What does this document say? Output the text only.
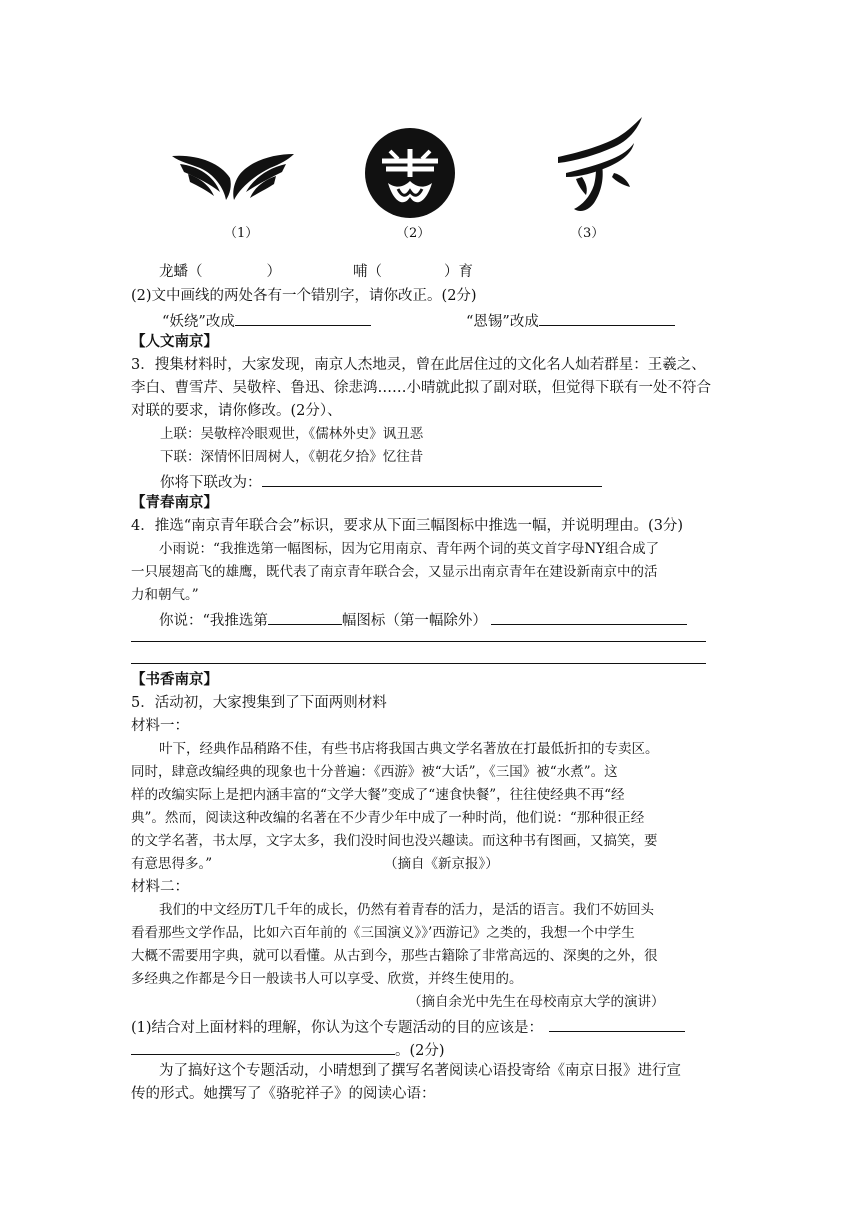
（1）	（2）	（3）
龙蟠（	）	哺（	）育
(2)文中画线的两处各有一个错别字，请你改正。(2分)
“妖绕”改成	“恩锡”改成
【人文南京】
3．搜集材料时，大家发现，南京人杰地灵，曾在此居住过的文化名人灿若群星：王羲之、
李白、曹雪芹、吴敬梓、鲁迅、徐悲鸿……小晴就此拟了副对联，但觉得下联有一处不符合
对联的要求，请你修改。(2分）、
上联：吴敬梓冷眼观世，《儒林外史》讽丑恶
下联：深情怀旧周树人，《朝花夕拾》忆往昔
你将下联改为：
【青春南京】
4．推选“南京青年联合会”标识，要求从下面三幅图标中推选一幅，并说明理由。(3分)
小雨说：“我推选第一幅图标，因为它用南京、青年两个词的英文首字母NY组合成了
一只展翅高飞的雄鹰，既代表了南京青年联合会，又显示出南京青年在建设新南京中的活
力和朝气。”
你说：“我推选第	幅图标（第一幅除外）
【书香南京】
5．活动初，大家搜集到了下面两则材料
材料一：
叶下，经典作品稍路不佳，有些书店将我国古典文学名著放在打最低折扣的专卖区。
同时，肆意改编经典的现象也十分普遍：《西游》被“大话”，《三国》被“水煮”。这
样的改编实际上是把内涵丰富的“文学大餐”变成了“速食快餐”，往往使经典不再“经
典”。然而，阅读这种改编的名著在不少青少年中成了一种时尚，他们说：“那种很正经
的文学名著，书太厚，文字太多，我们没时间也没兴趣读。而这种书有图画，又搞笑，要
有意思得多。”	（摘自《新京报》）
材料二：
我们的中文经历T几千年的成长，仍然有着青春的活力，是活的语言。我们不妨回头
看看那些文学作品，比如六百年前的《三国演义》》’西游记》之类的，我想一个中学生
大概不需要用字典，就可以看懂。从古到今，那些古籍除了非常高远的、深奥的之外，很
多经典之作都是今日一般读书人可以享受、欣赏，并终生使用的。
（摘自余光中先生在母校南京大学的演讲）
(1)结合对上面材料的理解，你认为这个专题活动的目的应该是：
。(2分)
为了搞好这个专题活动，小晴想到了撰写名著阅读心语投寄给《南京日报》进行宣
传的形式。她撰写了《骆驼祥子》的阅读心语：
